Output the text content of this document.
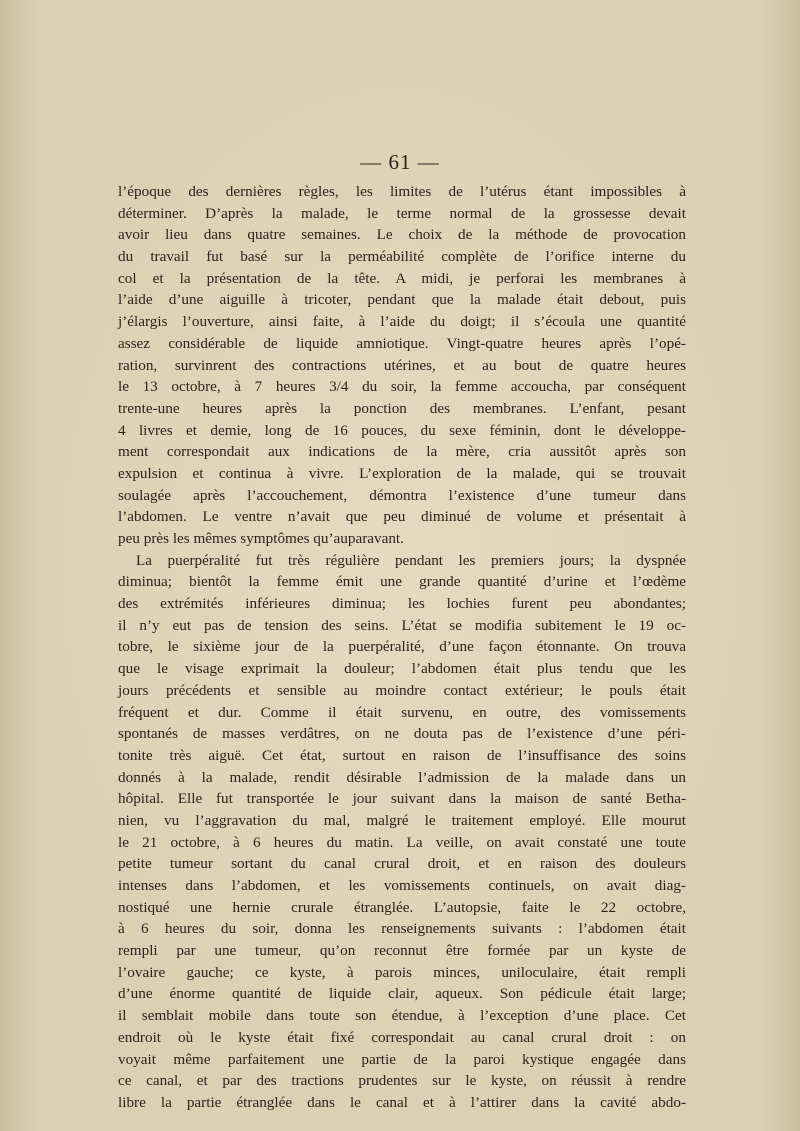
— 61 —
l’époque des dernières règles, les limites de l’utérus étant impossibles à
déterminer. D’après la malade, le terme normal de la grossesse devait
avoir lieu dans quatre semaines. Le choix de la méthode de provocation
du travail fut basé sur la perméabilité complète de l’orifice interne du
col et la présentation de la tête. A midi, je perforai les membranes à
l’aide d’une aiguille à tricoter, pendant que la malade était debout, puis
j’élargis l’ouverture, ainsi faite, à l’aide du doigt; il s’écoula une quantité
assez considérable de liquide amniotique. Vingt-quatre heures après l’opé-
ration, survinrent des contractions utérines, et au bout de quatre heures
le 13 octobre, à 7 heures 3/4 du soir, la femme accoucha, par conséquent
trente-une heures après la ponction des membranes. L’enfant, pesant
4 livres et demie, long de 16 pouces, du sexe féminin, dont le développe-
ment correspondait aux indications de la mère, cria aussitôt après son
expulsion et continua à vivre. L’exploration de la malade, qui se trouvait
soulagée après l’accouchement, démontra l’existence d’une tumeur dans
l’abdomen. Le ventre n’avait que peu diminué de volume et présentait à
peu près les mêmes symptômes qu’auparavant.
La puerpéralité fut très régulière pendant les premiers jours; la dyspnée
diminua; bientôt la femme émit une grande quantité d’urine et l’œdème
des extrémités inférieures diminua; les lochies furent peu abondantes;
il n’y eut pas de tension des seins. L’état se modifia subitement le 19 oc-
tobre, le sixième jour de la puerpéralité, d’une façon étonnante. On trouva
que le visage exprimait la douleur; l’abdomen était plus tendu que les
jours précédents et sensible au moindre contact extérieur; le pouls était
fréquent et dur. Comme il était survenu, en outre, des vomissements
spontanés de masses verdâtres, on ne douta pas de l’existence d’une péri-
tonite très aiguë. Cet état, surtout en raison de l’insuffisance des soins
donnés à la malade, rendit désirable l’admission de la malade dans un
hôpital. Elle fut transportée le jour suivant dans la maison de santé Betha-
nien, vu l’aggravation du mal, malgré le traitement employé. Elle mourut
le 21 octobre, à 6 heures du matin. La veille, on avait constaté une toute
petite tumeur sortant du canal crural droit, et en raison des douleurs
intenses dans l’abdomen, et les vomissements continuels, on avait diag-
nostiqué une hernie crurale étranglée. L’autopsie, faite le 22 octobre,
à 6 heures du soir, donna les renseignements suivants : l’abdomen était
rempli par une tumeur, qu’on reconnut être formée par un kyste de
l’ovaire gauche; ce kyste, à parois minces, uniloculaire, était rempli
d’une énorme quantité de liquide clair, aqueux. Son pédicule était large;
il semblait mobile dans toute son étendue, à l’exception d’une place. Cet
endroit où le kyste était fixé correspondait au canal crural droit : on
voyait même parfaitement une partie de la paroi kystique engagée dans
ce canal, et par des tractions prudentes sur le kyste, on réussit à rendre
libre la partie étranglée dans le canal et à l’attirer dans la cavité abdo-
